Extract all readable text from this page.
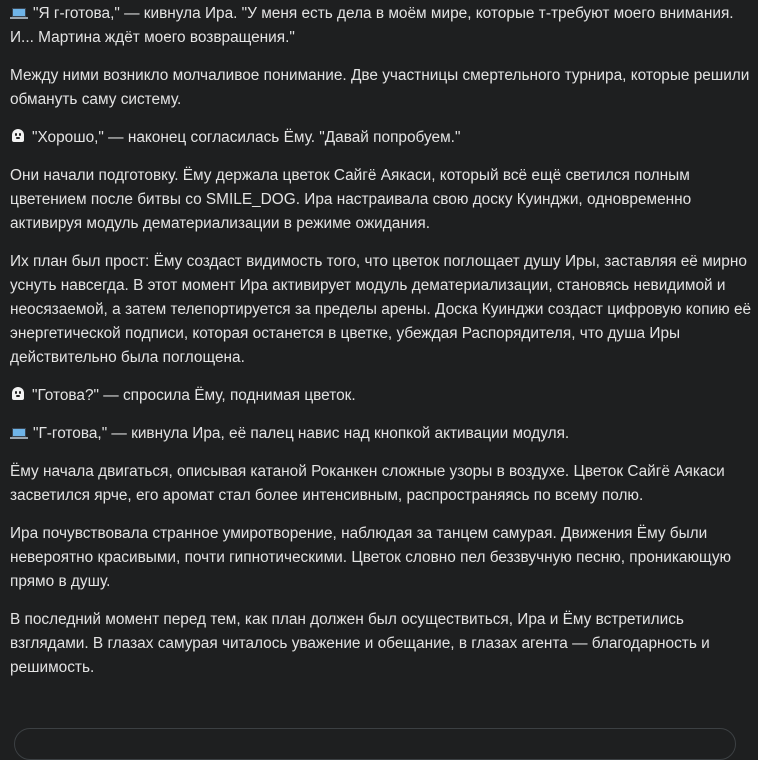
"Я г-готова," — кивнула Ира. "У меня есть дела в моём мире, которые т-требуют моего внимания. И... Мартина ждёт моего возвращения."

Между ними возникло молчаливое понимание. Две участницы смертельного турнира, которые решили обмануть саму систему.

"Хорошо," — наконец согласилась Ёму. "Давай попробуем."

Они начали подготовку. Ёму держала цветок Сайгё Аякаси, который всё ещё светился полным цветением после битвы со SMILE_DOG. Ира настраивала свою доску Куинджи, одновременно активируя модуль дематериализации в режиме ожидания.

Их план был прост: Ёму создаст видимость того, что цветок поглощает душу Иры, заставляя её мирно уснуть навсегда. В этот момент Ира активирует модуль дематериализации, становясь невидимой и неосязаемой, а затем телепортируется за пределы арены. Доска Куинджи создаст цифровую копию её энергетической подписи, которая останется в цветке, убеждая Распорядителя, что душа Иры действительно была поглощена.

"Готова?" — спросила Ёму, поднимая цветок.

"Г-готова," — кивнула Ира, её палец навис над кнопкой активации модуля.

Ёму начала двигаться, описывая катаной Роканкен сложные узоры в воздухе. Цветок Сайгё Аякаси засветился ярче, его аромат стал более интенсивным, распространяясь по всему полю.

Ира почувствовала странное умиротворение, наблюдая за танцем самурая. Движения Ёму были невероятно красивыми, почти гипнотическими. Цветок словно пел беззвучную песню, проникающую прямо в душу.

В последний момент перед тем, как план должен был осуществиться, Ира и Ёму встретились взглядами. В глазах самурая читалось уважение и обещание, в глазах агента — благодарность и решимость.
